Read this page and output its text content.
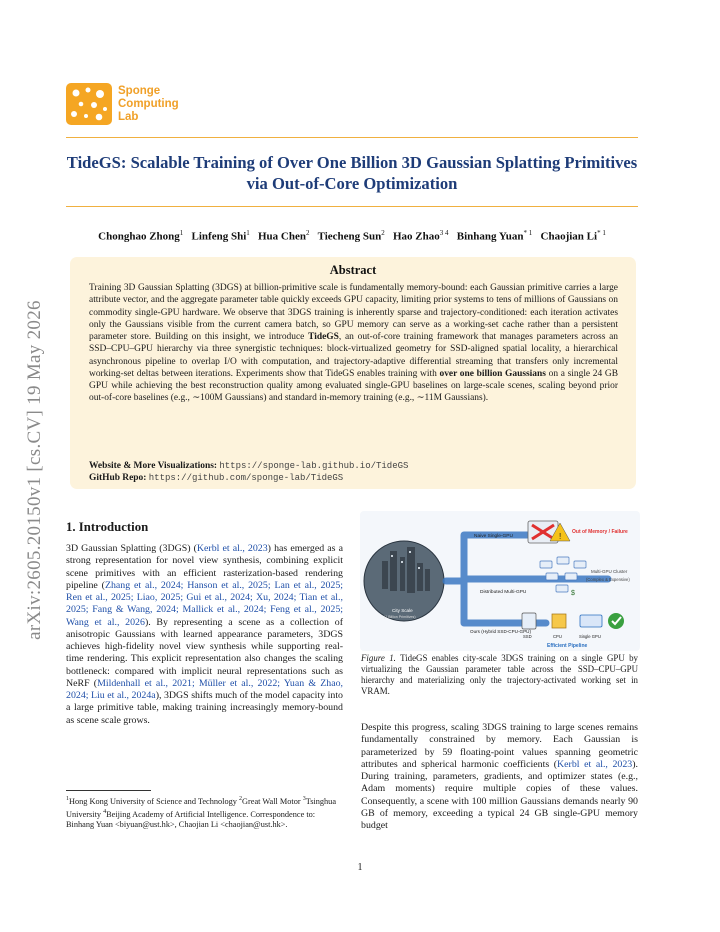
arXiv:2605.20150v1 [cs.CV] 19 May 2026
Sponge
Computing
Lab
TideGS: Scalable Training of Over One Billion 3D Gaussian Splatting Primitives via Out-of-Core Optimization
Chonghao Zhong$^1$ Linfeng Shi$^1$ Hua Chen$^2$ Tiecheng Sun$^2$ Hao Zhao$^{3 4}$ Binhang Yuan$^{* 1}$ Chaojian Li$^{* 1}$
Abstract
Training 3D Gaussian Splatting (3DGS) at billion-primitive scale is fundamentally memory-bound: each Gaussian primitive carries a large attribute vector, and the aggregate parameter table quickly exceeds GPU capacity, limiting prior systems to tens of millions of Gaussians on commodity single-GPU hardware. We observe that 3DGS training is inherently sparse and trajectory-conditioned: each iteration activates only the Gaussians visible from the current camera batch, so GPU memory can serve as a working-set cache rather than a persistent parameter store. Building on this insight, we introduce TideGS, an out-of-core training framework that manages parameters across an SSD–CPU–GPU hierarchy via three synergistic techniques: block-virtualized geometry for SSD-aligned spatial locality, a hierarchical asynchronous pipeline to overlap I/O with computation, and trajectory-adaptive differential streaming that transfers only incremental working-set deltas between iterations. Experiments show that TideGS enables training with over one billion Gaussians on a single 24 GB GPU while achieving the best reconstruction quality among evaluated single-GPU baselines on large-scale scenes, scaling beyond prior out-of-core baselines (e.g., ∼100M Gaussians) and standard in-memory training (e.g., ∼11M Gaussians).
Website & More Visualizations: https://sponge-lab.github.io/TideGS
GitHub Repo: https://github.com/sponge-lab/TideGS
1. Introduction
3D Gaussian Splatting (3DGS) (Kerbl et al., 2023) has emerged as a strong representation for novel view synthesis, combining explicit scene primitives with an efficient rasterization-based rendering pipeline (Zhang et al., 2024; Hanson et al., 2025; Lan et al., 2025; Ren et al., 2025; Liao, 2025; Gui et al., 2024; Xu, 2024; Tian et al., 2025; Fang & Wang, 2024; Mallick et al., 2024; Feng et al., 2025; Wang et al., 2026). By representing a scene as a collection of anisotropic Gaussians with learned appearance parameters, 3DGS achieves high-fidelity novel view synthesis while supporting real-time rendering. This explicit representation also changes the scaling bottleneck: compared with implicit neural representations such as NeRF (Mildenhall et al., 2021; Müller et al., 2022; Yuan & Zhao, 2024; Liu et al., 2024a), 3DGS shifts much of the model capacity into a large primitive table, making training increasingly memory-bound as scene scale grows.
$^1$Hong Kong University of Science and Technology $^2$Great Wall Motor $^3$Tsinghua University $^4$Beijing Academy of Artificial Intelligence. Correspondence to: Binhang Yuan <biyuan@ust.hk>, Chaojian Li <chaojian@ust.hk>.
City Scale
(1 Billion Primitives)
Naive Single-GPU	! Out of Memory / Failure
Distributed Multi-GPU
Multi-GPU Cluster
(Complex & Expensive)
$
Ours (Hybrid SSD-CPU-GPU)
SSD	CPU	Single GPU
Efficient Pipeline
Figure 1. TideGS enables city-scale 3DGS training on a single GPU by virtualizing the Gaussian parameter table across the SSD–CPU–GPU hierarchy and materializing only the trajectory-activated working set in VRAM.
Despite this progress, scaling 3DGS training to large scenes remains fundamentally constrained by memory. Each Gaussian is parameterized by 59 floating-point values spanning geometric attributes and spherical harmonic coefficients (Kerbl et al., 2023). During training, parameters, gradients, and optimizer states (e.g., Adam moments) require multiple copies of these values. Consequently, a scene with 100 million Gaussians demands nearly 90 GB of memory, exceeding a typical 24 GB single-GPU memory budget
1
